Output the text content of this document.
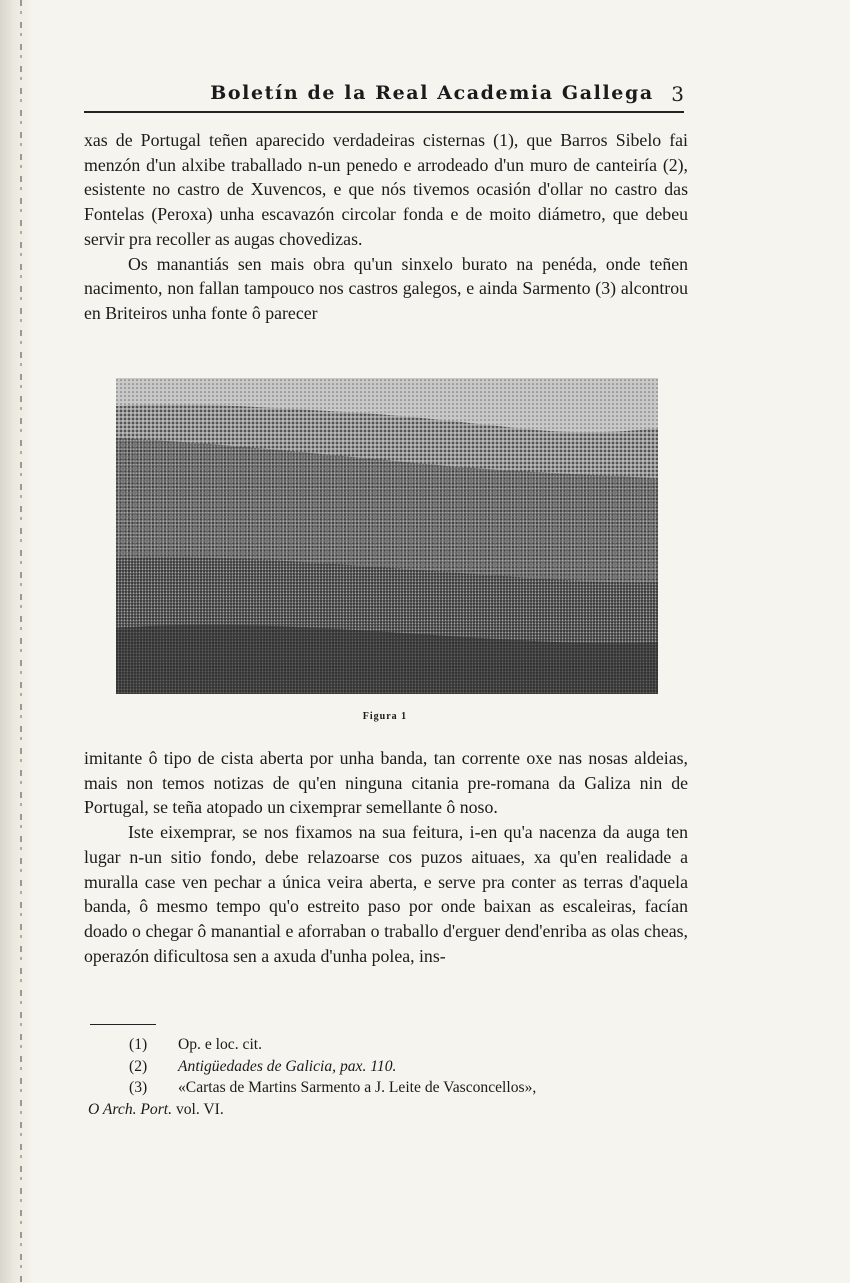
Boletín de la Real Academia Gallega 3

xas de Portugal teñen aparecido verdadeiras cisternas (1), que Barros Sibelo fai menzón d'un alxibe traballado n-un penedo e arrodeado d'un muro de canteiría (2), esistente no castro de Xuvencos, e que nós tivemos ocasión d'ollar no castro das Fontelas (Peroxa) unha escavazón circolar fonda e de moito diámetro, que debeu servir pra recoller as augas chovedizas.

Os manantiás sen mais obra qu'un sinxelo burato na penéda, onde teñen nacimento, non fallan tampouco nos castros galegos, e ainda Sarmento (3) alcontrou en Briteiros unha fonte ô parecer

Figura 1

imitante ô tipo de cista aberta por unha banda, tan corrente oxe nas nosas aldeias, mais non temos notizas de qu'en ninguna citania pre-romana da Galiza nin de Portugal, se teña atopado un cixemprar semellante ô noso.

Iste eixemprar, se nos fixamos na sua feitura, i-en qu'a nacenza da auga ten lugar n-un sitio fondo, debe relazoarse cos puzos aituaes, xa qu'en realidade a muralla case ven pechar a única veira aberta, e serve pra conter as terras d'aquela banda, ô mesmo tempo qu'o estreito paso por onde baixan as escaleiras, facían doado o chegar ô manantial e aforraban o traballo d'erguer dend'enriba as olas cheas, operazón dificultosa sen a axuda d'unha polea, ins-

(1) Op. e loc. cit.
(2) Antigüedades de Galicia, pax. 110.
(3) «Cartas de Martins Sarmento a J. Leite de Vasconcellos»,
O Arch. Port. vol. VI.
